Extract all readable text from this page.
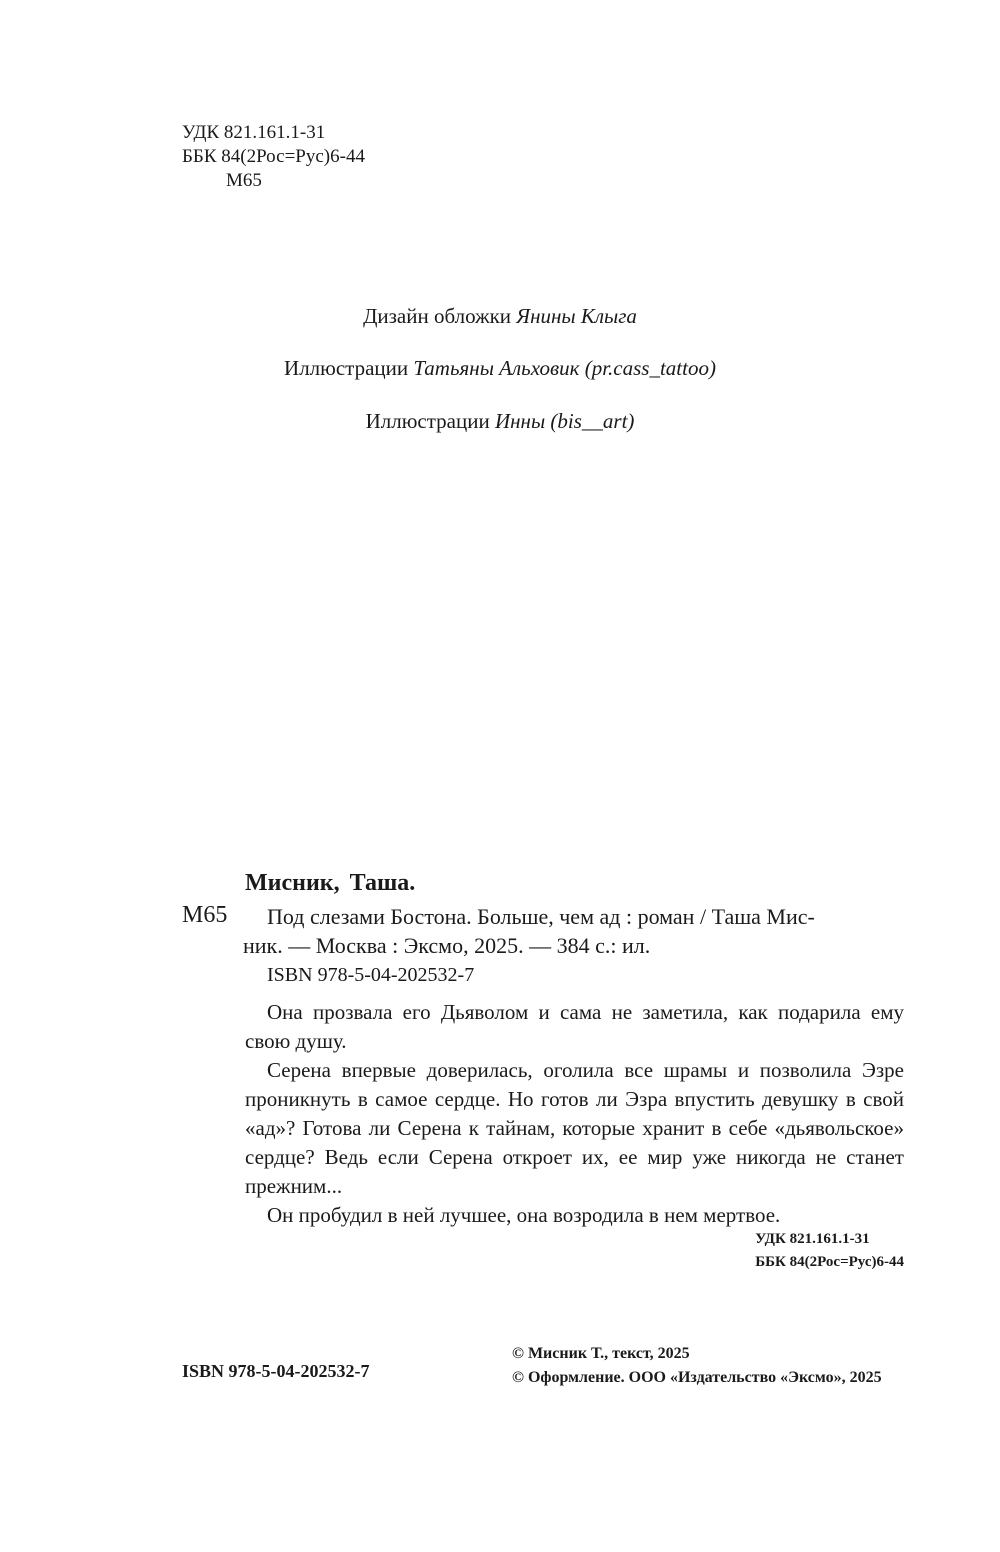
УДК 821.161.1-31
ББК 84(2Рос=Рус)6-44
М65
Дизайн обложки Янины Клыга
Иллюстрации Татьяны Альховик (pr.cass_tattoo)
Иллюстрации Инны (bis__art)
Мисник, Таша.
М65 Под слезами Бостона. Больше, чем ад : роман / Таша Мис-
ник. — Москва : Эксмо, 2025. — 384 с.: ил.
ISBN 978-5-04-202532-7

Она прозвала его Дьяволом и сама не заметила, как подарила ему свою душу.

Серена впервые доверилась, оголила все шрамы и позволила Эзре проникнуть в самое сердце. Но готов ли Эзра впустить девушку в свой «ад»? Готова ли Серена к тайнам, которые хранит в себе «дьявольское» сердце? Ведь если Серена откроет их, ее мир уже никогда не станет прежним...

Он пробудил в ней лучшее, она возродила в нем мертвое.

УДК 821.161.1-31
ББК 84(2Рос=Рус)6-44
ISBN 978-5-04-202532-7
© Мисник Т., текст, 2025
© Оформление. ООО «Издательство «Эксмо», 2025
